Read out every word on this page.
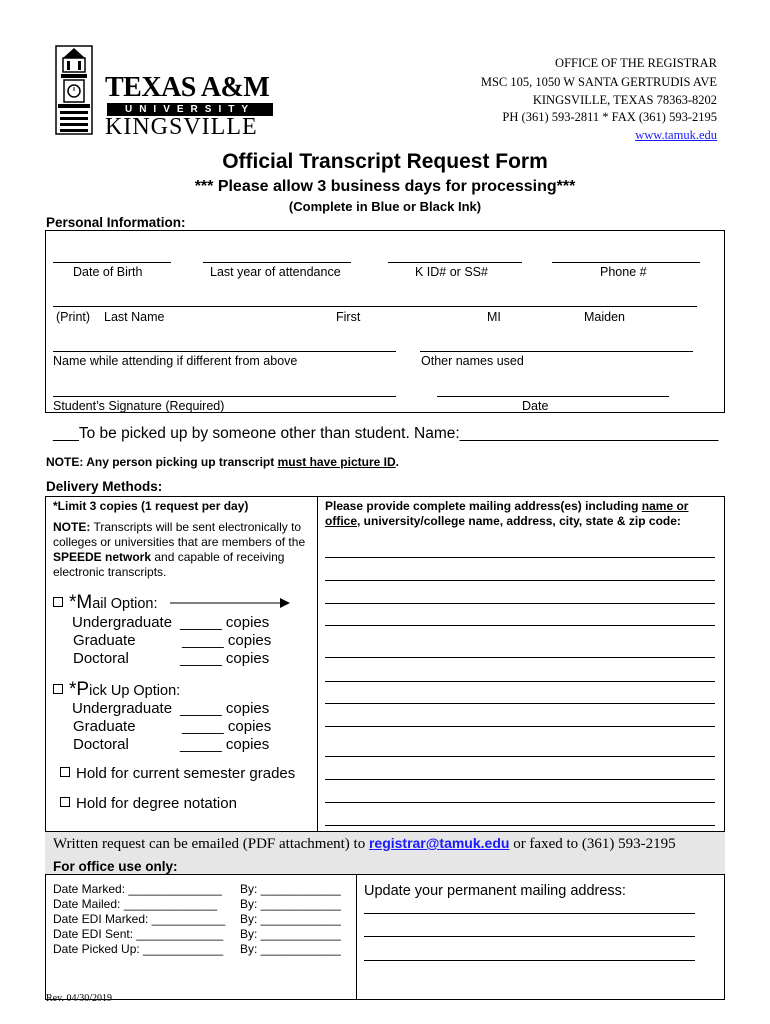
TEXAS A&M
UNIVERSITY
KINGSVILLE
OFFICE OF THE REGISTRAR
MSC 105, 1050 W SANTA GERTRUDIS AVE
KINGSVILLE, TEXAS 78363-8202
PH (361) 593-2811 * FAX (361) 593-2195
www.tamuk.edu
Official Transcript Request Form
*** Please allow 3 business days for processing***
(Complete in Blue or Black Ink)
Personal Information:
Date of Birth	Last year of attendance	K ID# or SS#	Phone #
(Print) Last Name	First	MI	Maiden
Name while attending if different from above	Other names used
Student’s Signature (Required)	Date
___To be picked up by someone other than student. Name:______________________________
NOTE: Any person picking up transcript must have picture ID.
Delivery Methods:
*Limit 3 copies (1 request per day)
NOTE: Transcripts will be sent electronically to colleges or universities that are members of the SPEEDE network and capable of receiving electronic transcripts.
*Mail Option:
Undergraduate _____ copies
Graduate	_____ copies
Doctoral	_____ copies
*Pick Up Option:
Undergraduate _____ copies
Graduate	_____ copies
Doctoral	_____ copies
Hold for current semester grades
Hold for degree notation
Please provide complete mailing address(es) including name or office, university/college name, address, city, state & zip code:
Written request can be emailed (PDF attachment) to registrar@tamuk.edu or faxed to (361) 593-2195
For office use only:
Date Marked: ______________ By: ____________
Date Mailed: ______________ By: ____________
Date EDI Marked: ___________ By: ____________
Date EDI Sent: _____________ By: ____________
Date Picked Up: ____________ By: ____________
Update your permanent mailing address:
Rev. 04/30/2019
